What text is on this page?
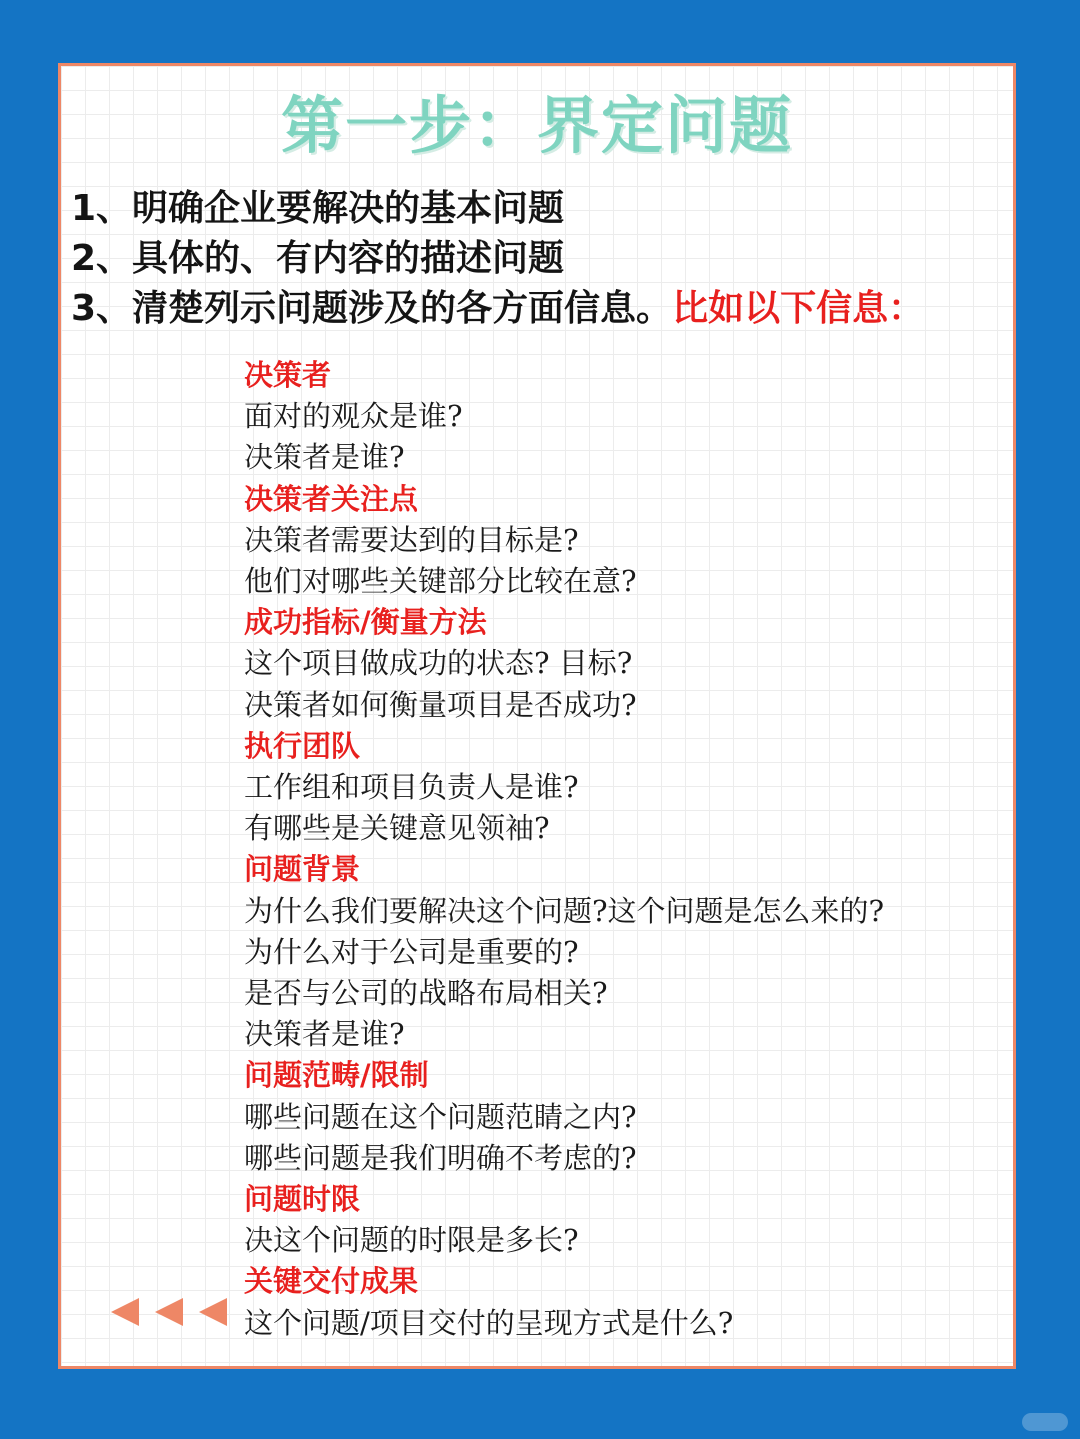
第一步：界定问题
1、明确企业要解决的基本问题
2、具体的、有内容的描述问题
3、清楚列示问题涉及的各方面信息。比如以下信息：
决策者
面对的观众是谁?
决策者是谁?
决策者关注点
决策者需要达到的目标是?
他们对哪些关键部分比较在意?
成功指标/衡量方法
这个项目做成功的状态? 目标?
决策者如何衡量项目是否成功?
执行团队
工作组和项目负责人是谁?
有哪些是关键意见领袖?
问题背景
为什么我们要解决这个问题?这个问题是怎么来的?
为什么对于公司是重要的?
是否与公司的战略布局相关?
决策者是谁?
问题范畴/限制
哪些问题在这个问题范睛之内?
哪些问题是我们明确不考虑的?
问题时限
决这个问题的时限是多长?
关键交付成果
这个问题/项目交付的呈现方式是什么?
